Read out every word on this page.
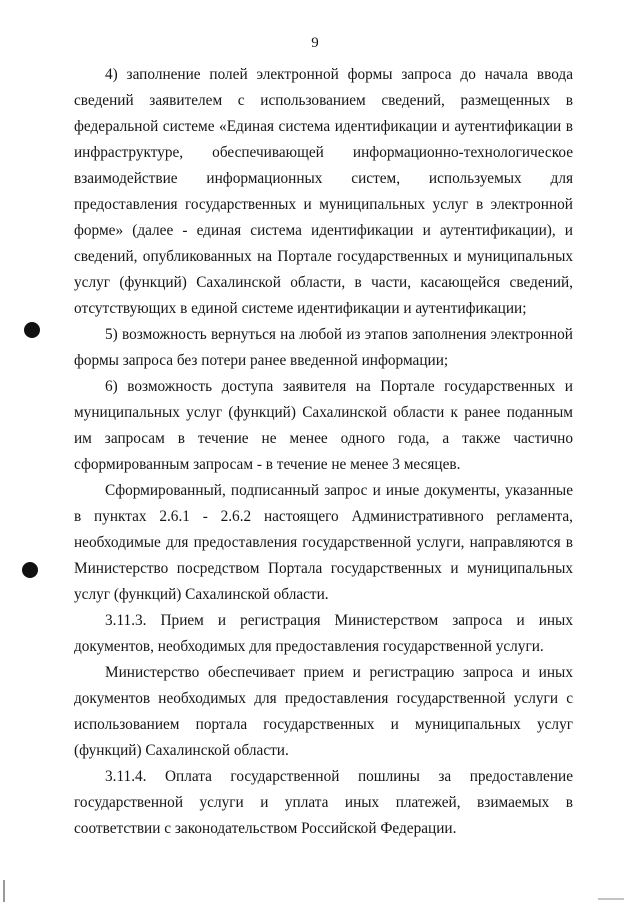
9

4) заполнение полей электронной формы запроса до начала ввода сведений заявителем с использованием сведений, размещенных в федеральной системе «Единая система идентификации и аутентификации в инфраструктуре, обеспечивающей информационно-технологическое взаимодействие информационных систем, используемых для предоставления государственных и муниципальных услуг в электронной форме» (далее - единая система идентификации и аутентификации), и сведений, опубликованных на Портале государственных и муниципальных услуг (функций) Сахалинской области, в части, касающейся сведений, отсутствующих в единой системе идентификации и аутентификации;

5) возможность вернуться на любой из этапов заполнения электронной формы запроса без потери ранее введенной информации;

6) возможность доступа заявителя на Портале государственных и муниципальных услуг (функций) Сахалинской области к ранее поданным им запросам в течение не менее одного года, а также частично сформированным запросам - в течение не менее 3 месяцев.

Сформированный, подписанный запрос и иные документы, указанные в пунктах 2.6.1 - 2.6.2 настоящего Административного регламента, необходимые для предоставления государственной услуги, направляются в Министерство посредством Портала государственных и муниципальных услуг (функций) Сахалинской области.

3.11.3. Прием и регистрация Министерством запроса и иных документов, необходимых для предоставления государственной услуги.

Министерство обеспечивает прием и регистрацию запроса и иных документов необходимых для предоставления государственной услуги с использованием портала государственных и муниципальных услуг (функций) Сахалинской области.

3.11.4. Оплата государственной пошлины за предоставление государственной услуги и уплата иных платежей, взимаемых в соответствии с законодательством Российской Федерации.
